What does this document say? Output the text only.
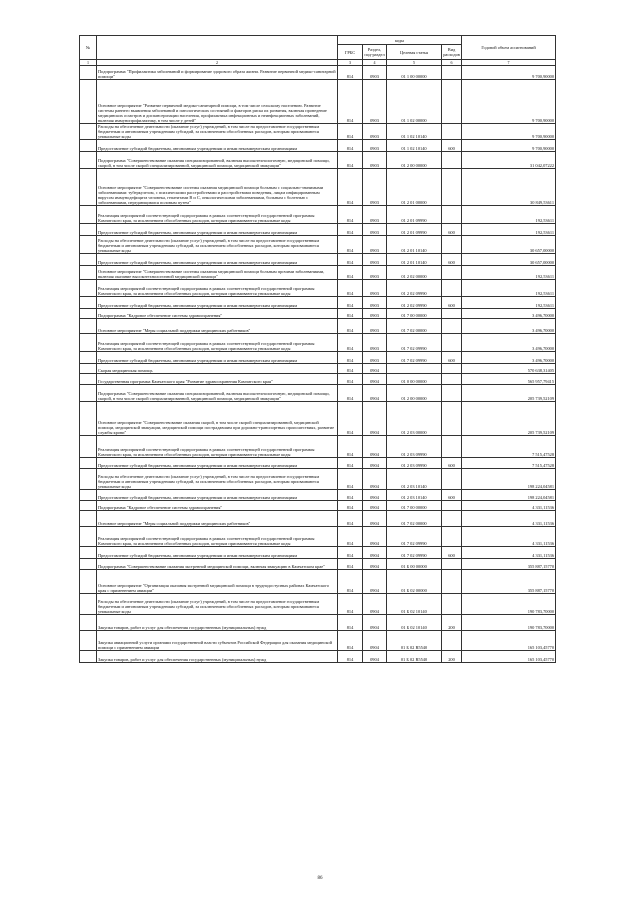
№		коды				Годовой объем ассигнований
		ГРБС	Раздел, под-раздел	Целевая статья	Вид расходов	
1	2	3	4	5	6	7
	Подпрограмма "Профилактика заболеваний и формирование здорового образа жизни. Развитие первичной медико-санитарной помощи"	814	0903	01 1 00 00000		9 700,90000
	Основное мероприятие "Развитие первичной медико-санитарной помощи, в том числе сельскому населению. Развитие системы раннего выявления заболеваний и патологических состояний и факторов риска их развития, включая проведение медицинских осмотров и диспансеризации населения, профилактика инфекционных и неинфекционных заболеваний, включая иммунопрофилактику, в том числе у детей"	814	0903	01 1 02 00000		9 700,90000
	Расходы на обеспечение деятельности (оказание услуг) учреждений, в том числе на предоставление государственным бюджетным и автономным учреждениям субсидий, за исключением обособленных расходов, которым присваиваются уникальные коды	814	0903	01 1 02 10140		9 700,90000
	Предоставление субсидий бюджетным, автономным учреждениям и иным некоммерческим организациям	814	0903	01 1 02 10140	600	9 700,90000
	Подпрограмма "Совершенствование оказания специализированной, включая высокотехнологичную, медицинской помощи, скорой, в том числе скорой специализированной, медицинской помощи, медицинской эвакуации"	814	0903	01 2 00 00000		31 042,07222
	Основное мероприятие "Совершенствование системы оказания медицинской помощи больным с социально-значимыми заболеваниями: туберкулезом, с психическими расстройствами и расстройствами поведения, лицам инфицированным вирусом иммунодефицита человека, гепатитами В и С, онкологическими заболеваниями, больным с болезнью с заболеваниями, передающимися половым путем"	814	0903	01 2 01 00000		30 849,53611
	Реализация мероприятий соответствующей подпрограммы в рамках соответствующей государственной программы Камчатского края, за исключением обособленных расходов, которым присваиваются уникальные коды	814	0903	01 2 01 09990		192,53611
	Предоставление субсидий бюджетным, автономным учреждениям и иным некоммерческим организациям	814	0903	01 2 01 09990	600	192,53611
	Расходы на обеспечение деятельности (оказание услуг) учреждений, в том числе на предоставление государственным бюджетным и автономным учреждениям субсидий, за исключением обособленных расходов, которым присваиваются уникальные коды	814	0903	01 2 01 10140		30 657,00000
	Предоставление субсидий бюджетным, автономным учреждениям и иным некоммерческим организациям	814	0903	01 2 01 10140	600	30 657,00000
	Основное мероприятие "Совершенствование системы оказания медицинской помощи больным прочими заболеваниями, включая оказание высокотехнологичной медицинской помощи"	814	0903	01 2 02 00000		192,53611
	Реализация мероприятий соответствующей подпрограммы в рамках соответствующей государственной программы Камчатского края, за исключением обособленных расходов, которым присваиваются уникальные коды	814	0903	01 2 02 09990		192,53611
	Предоставление субсидий бюджетным, автономным учреждениям и иным некоммерческим организациям	814	0903	01 2 02 09990	600	192,53611
	Подпрограмма "Кадровое обеспечение системы здравоохранения"	814	0903	01 7 00 00000		3 496,70000
	Основное мероприятие "Меры социальной поддержки медицинских работников"	814	0903	01 7 02 00000		3 496,70000
	Реализация мероприятий соответствующей подпрограммы в рамках соответствующей государственной программы Камчатского края, за исключением обособленных расходов, которым присваиваются уникальные коды	814	0903	01 7 02 09990		3 496,70000
	Предоставление субсидий бюджетным, автономным учреждениям и иным некоммерческим организациям	814	0903	01 7 02 09990	600	3 496,70000
	Скорая медицинская помощь	814	0904			570 638,31405
	Государственная программа Камчатского края "Развитие здравоохранения Камчатского края"	814	0904	01 0 00 00000		565 957,79415
	Подпрограмма "Совершенствование оказания специализированной, включая высокотехнологичную, медицинской помощи, скорой, в том числе скорой специализированной, медицинской помощи, медицинской эвакуации"	814	0904	01 2 00 00000		205 739,52109
	Основное мероприятие "Совершенствование оказания скорой, в том числе скорой специализированной, медицинской помощи, медицинской эвакуации, медицинской помощи пострадавшим при дорожно-транспортных происшествиях, развитие службы крови"	814	0904	01 2 03 00000		205 739,52109
	Реализация мероприятий соответствующей подпрограммы в рамках соответствующей государственной программы Камчатского края, за исключением обособленных расходов, которым присваиваются уникальные коды	814	0904	01 2 03 09990		7 515,47528
	Предоставление субсидий бюджетным, автономным учреждениям и иным некоммерческим организациям	814	0904	01 2 03 09990	600	7 515,47528
	Расходы на обеспечение деятельности (оказание услуг) учреждений, в том числе на предоставление государственным бюджетным и автономным учреждениям субсидий, за исключением обособленных расходов, которым присваиваются уникальные коды	814	0904	01 2 03 10140		198 224,04581
	Предоставление субсидий бюджетным, автономным учреждениям и иным некоммерческим организациям	814	0904	01 2 03 10140	600	198 224,04581
	Подпрограмма "Кадровое обеспечение системы здравоохранения"	814	0904	01 7 00 00000		4 331,11536
	Основное мероприятие "Меры социальной поддержки медицинских работников"	814	0904	01 7 02 00000		4 331,11536
	Реализация мероприятий соответствующей подпрограммы в рамках соответствующей государственной программы Камчатского края, за исключением обособленных расходов, которым присваиваются уникальные коды	814	0904	01 7 02 09990		4 331,11536
	Предоставление субсидий бюджетным, автономным учреждениям и иным некоммерческим организациям	814	0904	01 7 02 09990	600	4 331,11536
	Подпрограмма "Совершенствование оказания экстренной медицинской помощи, включая эвакуацию в Камчатском крае"	814	0904	01 Б 00 00000		355 887,15770
	Основное мероприятие "Организация оказания экстренной медицинской помощи в труднодоступных районах Камчатского края с применением авиации"	814	0904	01 Б 02 00000		355 887,15770
	Расходы на обеспечение деятельности (оказание услуг) учреждений, в том числе на предоставление государственным бюджетным и автономным учреждениям субсидий, за исключением обособленных расходов, которым присваиваются уникальные коды	814	0904	01 Б 02 10140		190 783,70000
	Закупка товаров, работ и услуг для обеспечения государственных (муниципальных) нужд	814	0904	01 Б 02 10140	200	190 783,70000
	Закупка авиационной услуги органами государственной власти субъектов Российской Федерации для оказания медицинской помощи с применением авиации	814	0904	01 Б 02 R5540		165 103,45770
	Закупка товаров, работ и услуг для обеспечения государственных (муниципальных) нужд	814	0904	01 Б 02 R5540	200	165 103,45770
86
